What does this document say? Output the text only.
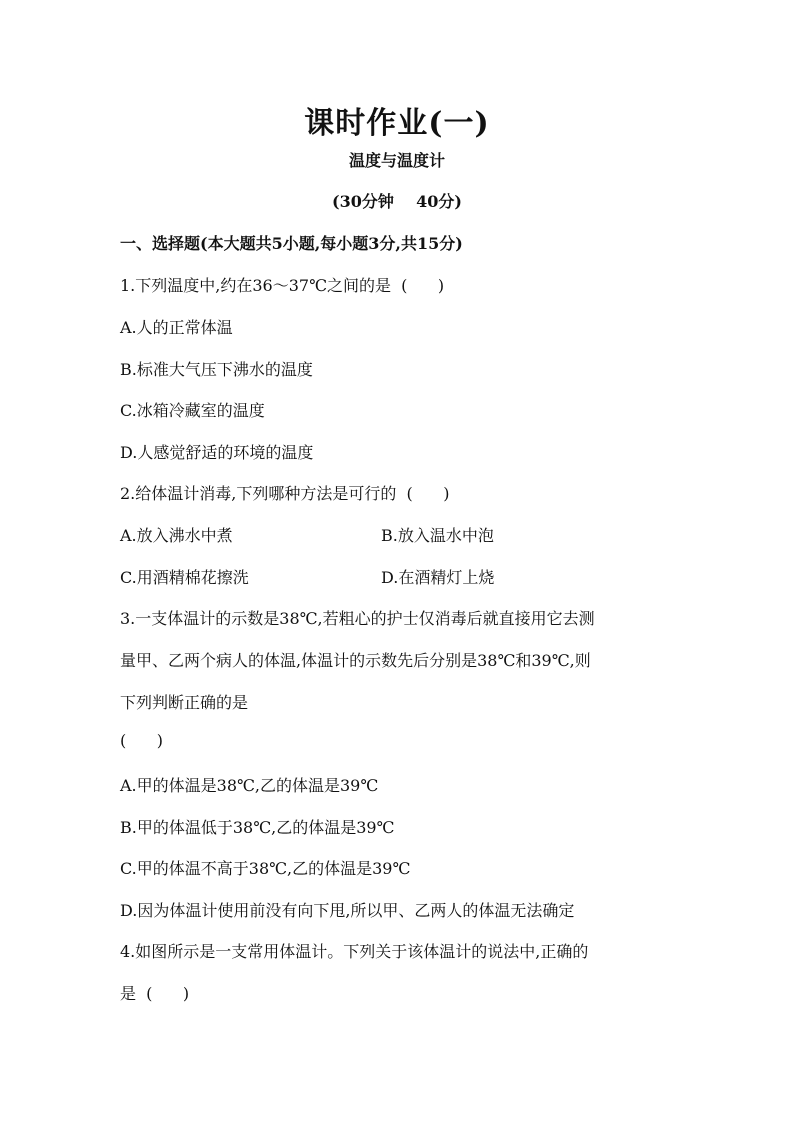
课时作业(一)
温度与温度计
(30分钟    40分)
一、选择题(本大题共5小题,每小题3分,共15分)
1.下列温度中,约在36～37℃之间的是  (      )
A.人的正常体温
B.标准大气压下沸水的温度
C.冰箱冷藏室的温度
D.人感觉舒适的环境的温度
2.给体温计消毒,下列哪种方法是可行的  (      )
A.放入沸水中煮	B.放入温水中泡
C.用酒精棉花擦洗	D.在酒精灯上烧
3.一支体温计的示数是38℃,若粗心的护士仅消毒后就直接用它去测
量甲、乙两个病人的体温,体温计的示数先后分别是38℃和39℃,则
下列判断正确的是
(      )
A.甲的体温是38℃,乙的体温是39℃
B.甲的体温低于38℃,乙的体温是39℃
C.甲的体温不高于38℃,乙的体温是39℃
D.因为体温计使用前没有向下甩,所以甲、乙两人的体温无法确定
4.如图所示是一支常用体温计。下列关于该体温计的说法中,正确的
是  (      )
